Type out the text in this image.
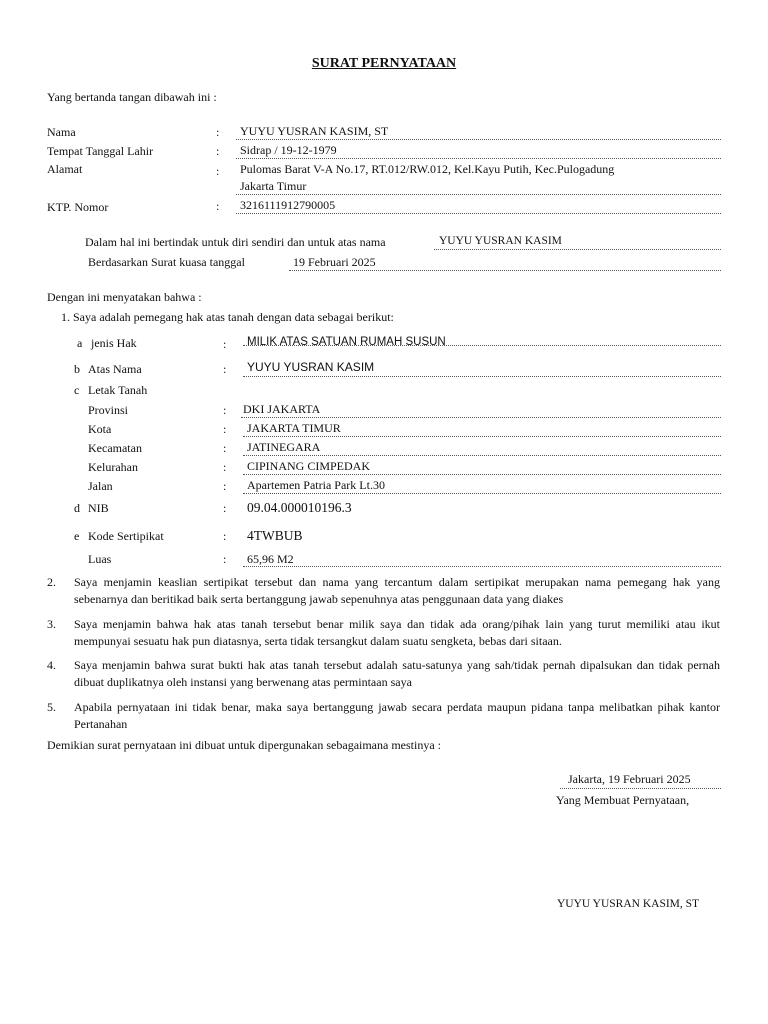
SURAT PERNYATAAN
Yang bertanda tangan dibawah ini :
Nama	: YUYU YUSRAN KASIM, ST
Tempat Tanggal Lahir	: Sidrap / 19-12-1979
Alamat	: Pulomas Barat V-A No.17, RT.012/RW.012, Kel.Kayu Putih, Kec.Pulogadung
Jakarta Timur
KTP. Nomor	: 3216111912790005
Dalam hal ini bertindak untuk diri sendiri dan untuk atas nama	YUYU YUSRAN KASIM
Berdasarkan Surat kuasa tanggal	19 Februari 2025
Dengan ini menyatakan bahwa :
1. Saya adalah pemegang hak atas tanah dengan data sebagai berikut:
a jenis Hak	: MILIK ATAS SATUAN RUMAH SUSUN
b Atas Nama	: YUYU YUSRAN KASIM
c Letak Tanah
Provinsi	: DKI JAKARTA
Kota	: JAKARTA TIMUR
Kecamatan	: JATINEGARA
Kelurahan	: CIPINANG CIMPEDAK
Jalan	: Apartemen Patria Park Lt.30
d NIB	: 09.04.000010196.3
e Kode Sertipikat	: 4TWBUB
Luas	: 65,96 M2
2. Saya menjamin keaslian sertipikat tersebut dan nama yang tercantum dalam sertipikat merupakan nama pemegang hak yang sebenarnya dan beritikad baik serta bertanggung jawab sepenuhnya atas penggunaan data yang diakes
3. Saya menjamin bahwa hak atas tanah tersebut benar milik saya dan tidak ada orang/pihak lain yang turut memiliki atau ikut mempunyai sesuatu hak pun diatasnya, serta tidak tersangkut dalam suatu sengketa, bebas dari sitaan.
4. Saya menjamin bahwa surat bukti hak atas tanah tersebut adalah satu-satunya yang sah/tidak pernah dipalsukan dan tidak pernah dibuat duplikatnya oleh instansi yang berwenang atas permintaan saya
5. Apabila pernyataan ini tidak benar, maka saya bertanggung jawab secara perdata maupun pidana tanpa melibatkan pihak kantor Pertanahan
Demikian surat pernyataan ini dibuat untuk dipergunakan sebagaimana mestinya :
Jakarta, 19 Februari 2025
Yang Membuat Pernyataan,
YUYU YUSRAN KASIM, ST
